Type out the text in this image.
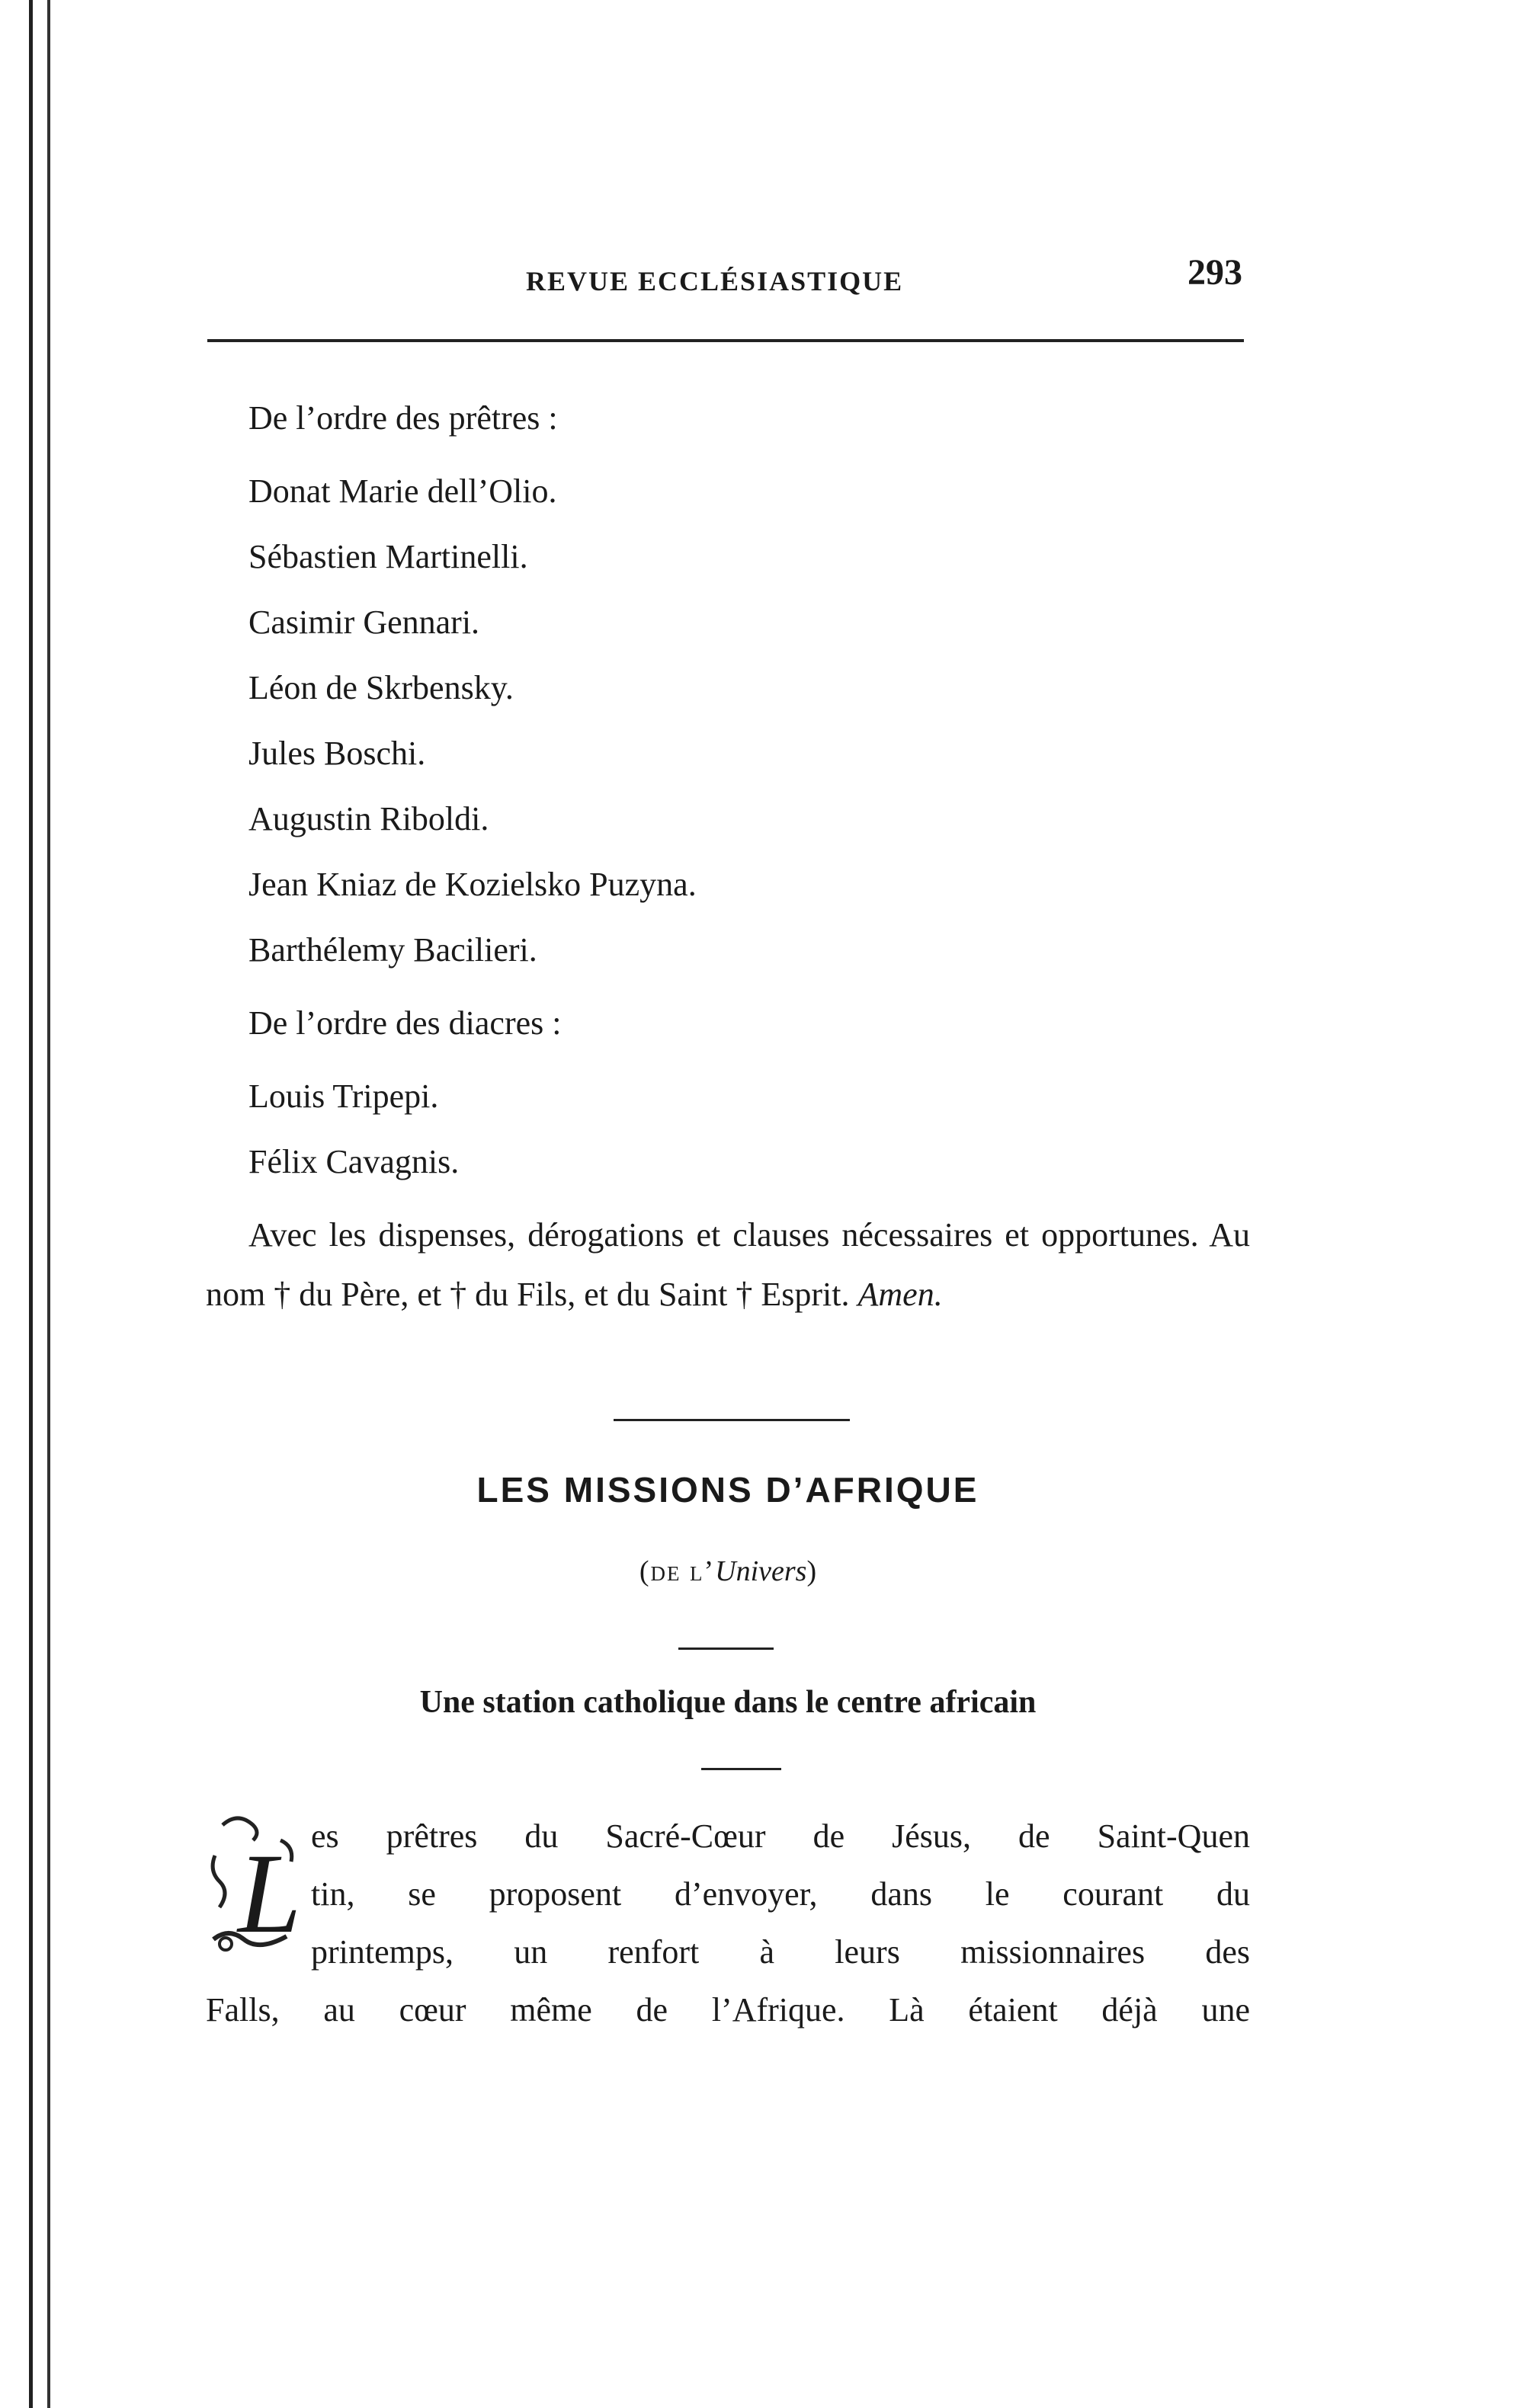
REVUE ECCLÉSIASTIQUE	293

De l’ordre des prêtres :

Donat Marie dell’Olio.

Sébastien Martinelli.

Casimir Gennari.

Léon de Skrbensky.

Jules Boschi.

Augustin Riboldi.

Jean Kniaz de Kozielsko Puzyna.

Barthélemy Bacilieri.

De l’ordre des diacres :

Louis Tripepi.

Félix Cavagnis.

Avec les dispenses, dérogations et clauses nécessaires et opportunes. Au nom † du Père, et † du Fils, et du Saint † Esprit. Amen.

LES MISSIONS D’AFRIQUE
(de l’Univers)
Une station catholique dans le centre africain
L es prêtres du Sacré-Cœur de Jésus, de Saint-Quen
tin, se proposent d’envoyer, dans le courant du
printemps, un renfort à leurs missionnaires des
Falls, au cœur même de l’Afrique. Là étaient déjà une
